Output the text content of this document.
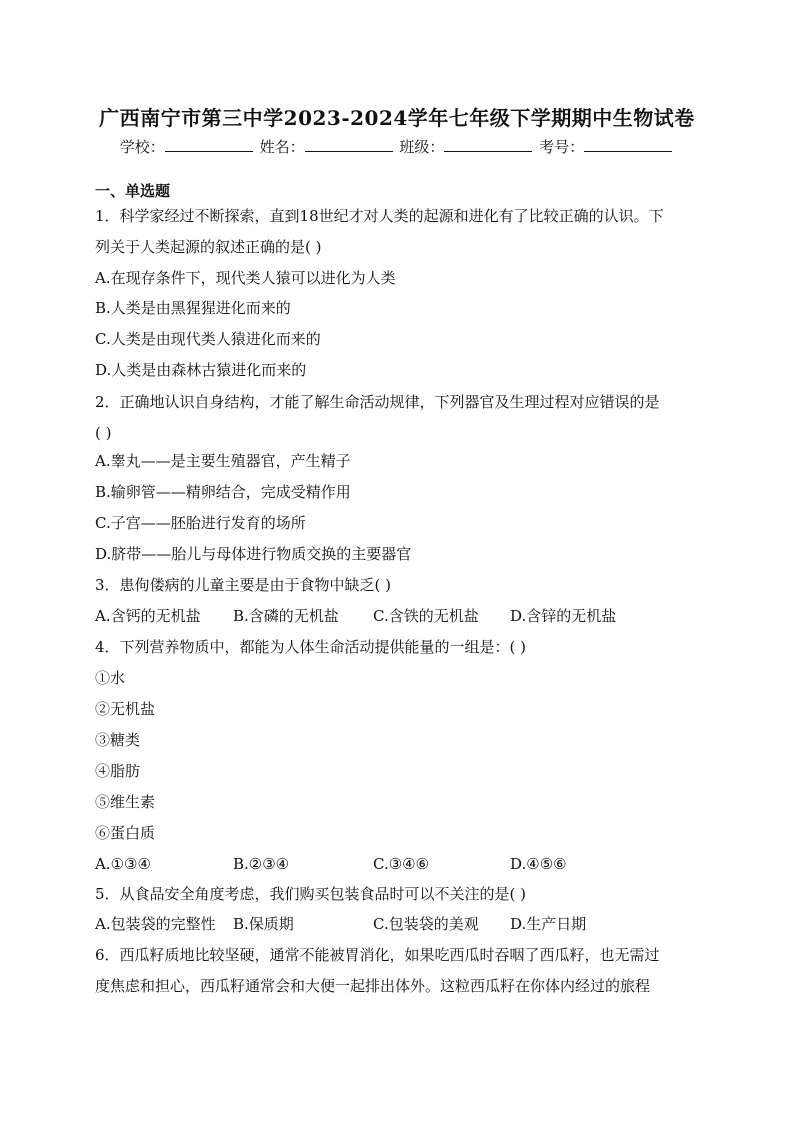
广西南宁市第三中学2023-2024学年七年级下学期期中生物试卷
学校：	姓名：	班级：	考号：
一、单选题
1．科学家经过不断探索，直到18世纪才对人类的起源和进化有了比较正确的认识。下
列关于人类起源的叙述正确的是( )
A.在现存条件下，现代类人猿可以进化为人类
B.人类是由黑猩猩进化而来的
C.人类是由现代类人猿进化而来的
D.人类是由森林古猿进化而来的
2．正确地认识自身结构，才能了解生命活动规律，下列器官及生理过程对应错误的是
( )
A.睾丸——是主要生殖器官，产生精子
B.输卵管——精卵结合，完成受精作用
C.子宫——胚胎进行发育的场所
D.脐带——胎儿与母体进行物质交换的主要器官
3．患佝偻病的儿童主要是由于食物中缺乏( )
A.含钙的无机盐 B.含磷的无机盐 C.含铁的无机盐 D.含锌的无机盐
4．下列营养物质中，都能为人体生命活动提供能量的一组是：( )
①水
②无机盐
③糖类
④脂肪
⑤维生素
⑥蛋白质
A.①③④	B.②③④	C.③④⑥	D.④⑤⑥
5．从食品安全角度考虑，我们购买包装食品时可以不关注的是( )
A.包装袋的完整性 B.保质期	C.包装袋的美观 D.生产日期
6．西瓜籽质地比较坚硬，通常不能被胃消化，如果吃西瓜时吞咽了西瓜籽，也无需过
度焦虑和担心，西瓜籽通常会和大便一起排出体外。这粒西瓜籽在你体内经过的旅程
